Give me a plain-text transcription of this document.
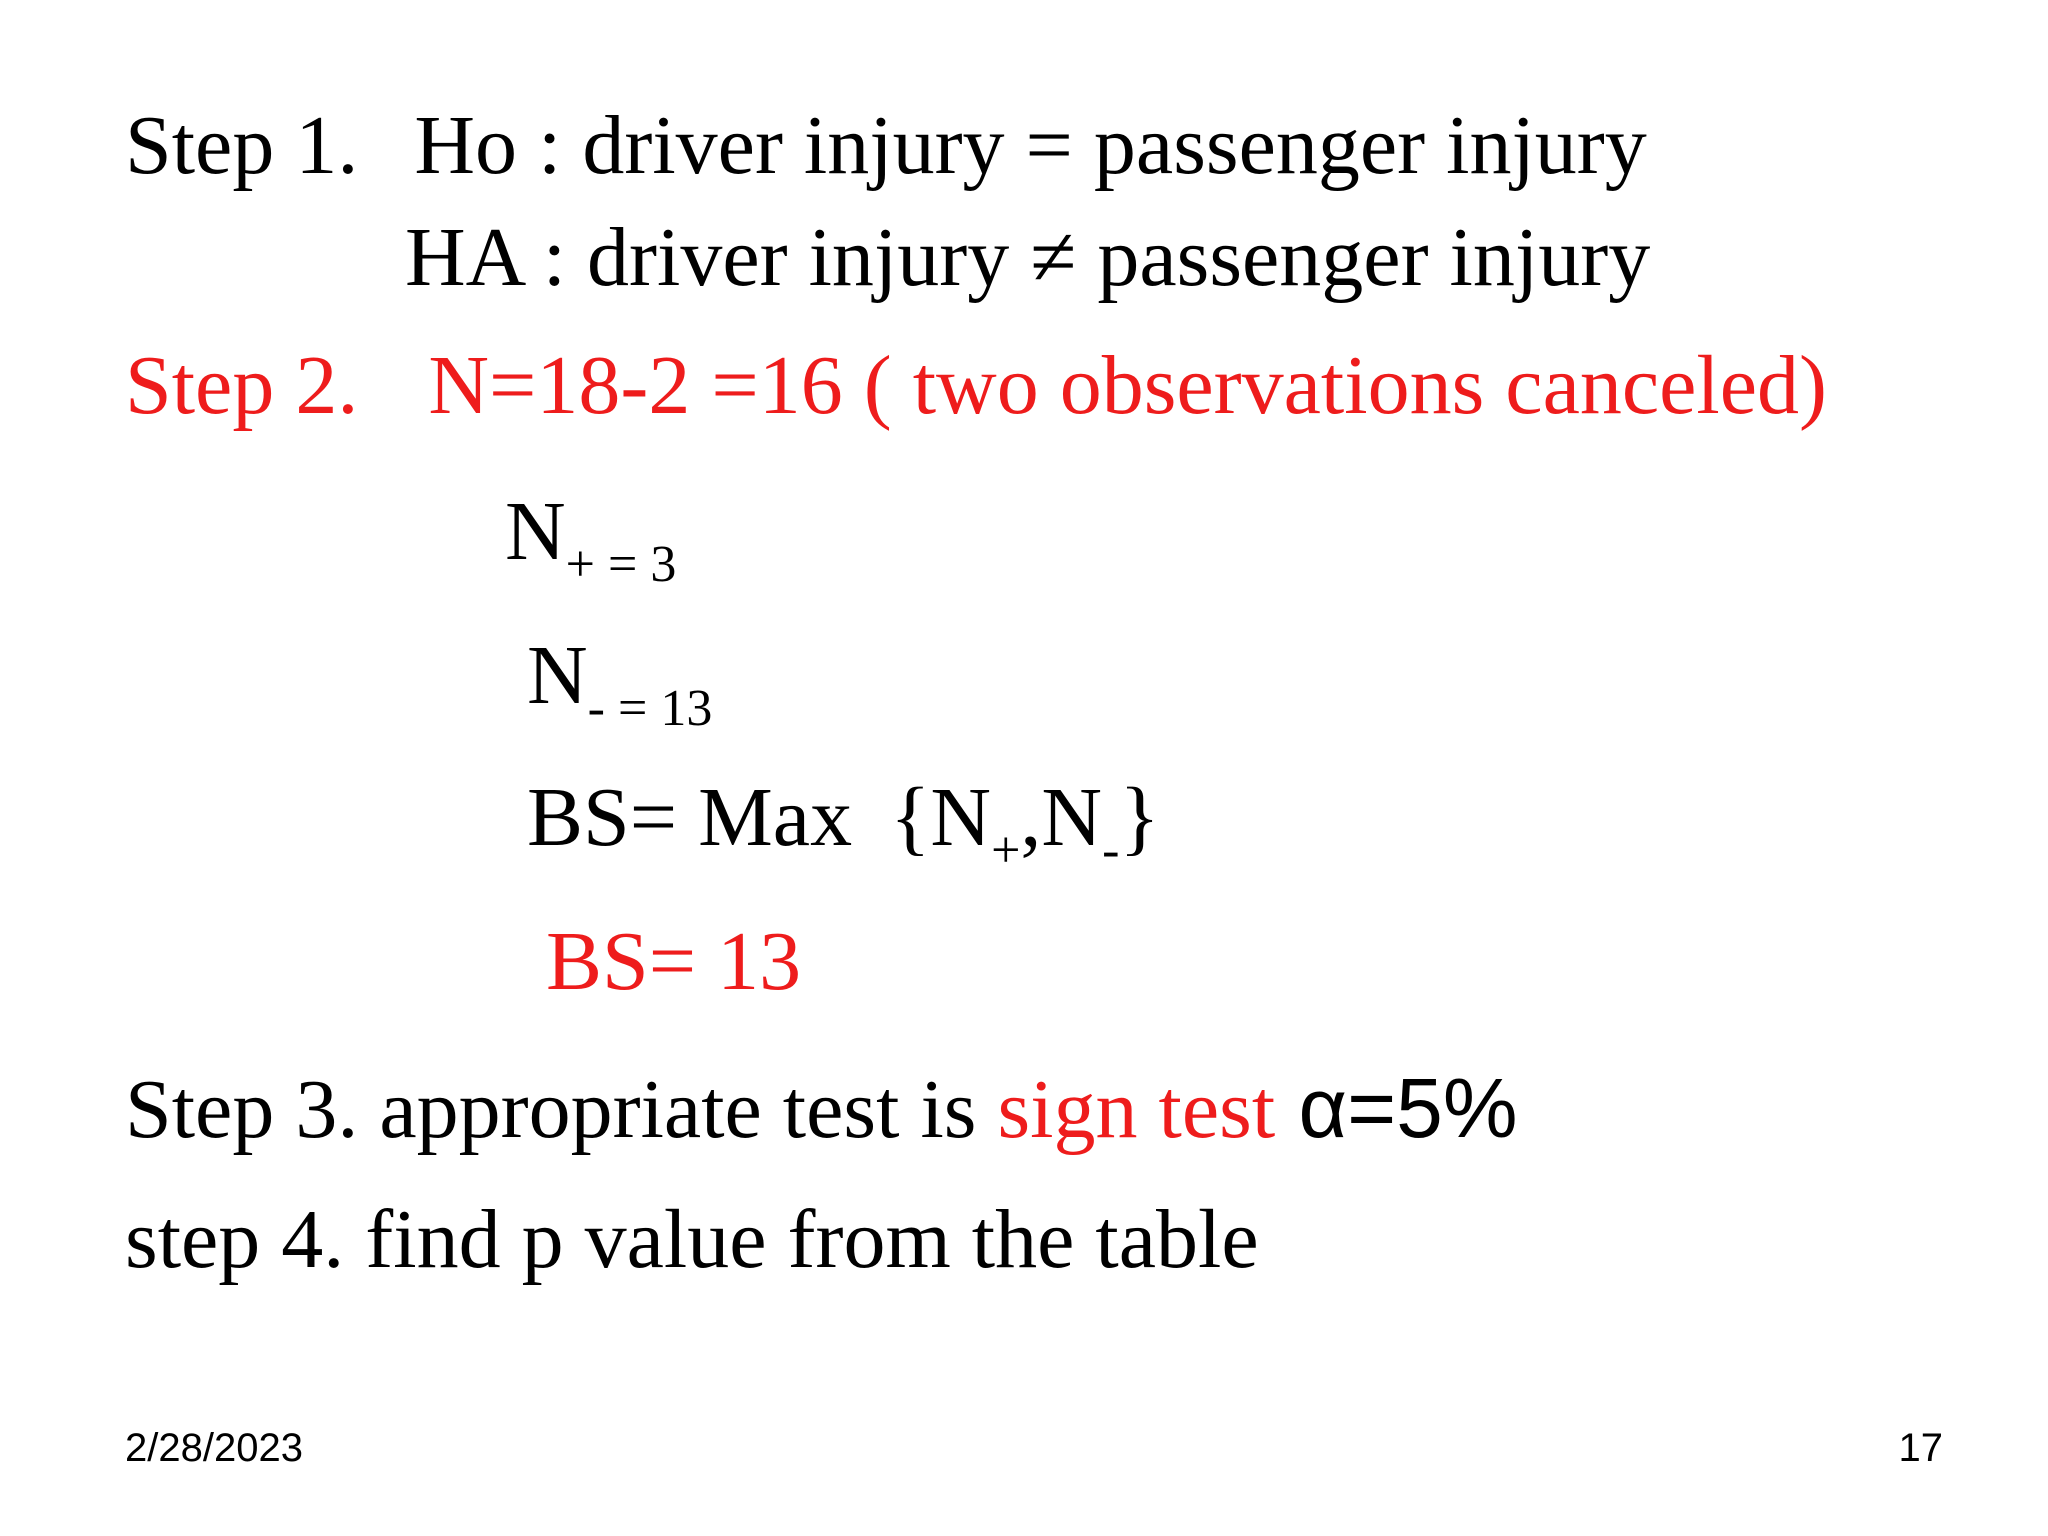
Step 1. Ho : driver injury = passenger injury
HA : driver injury ≠ passenger injury
Step 2. N=18-2 =16 ( two observations canceled)
$N_{+ = 3}$
$N_{- = 13}$
BS= Max $\{N_+,N_-\}$
BS= 13
Step 3. appropriate test is sign test α=5%
step 4. find p value from the table
2/28/2023	17
